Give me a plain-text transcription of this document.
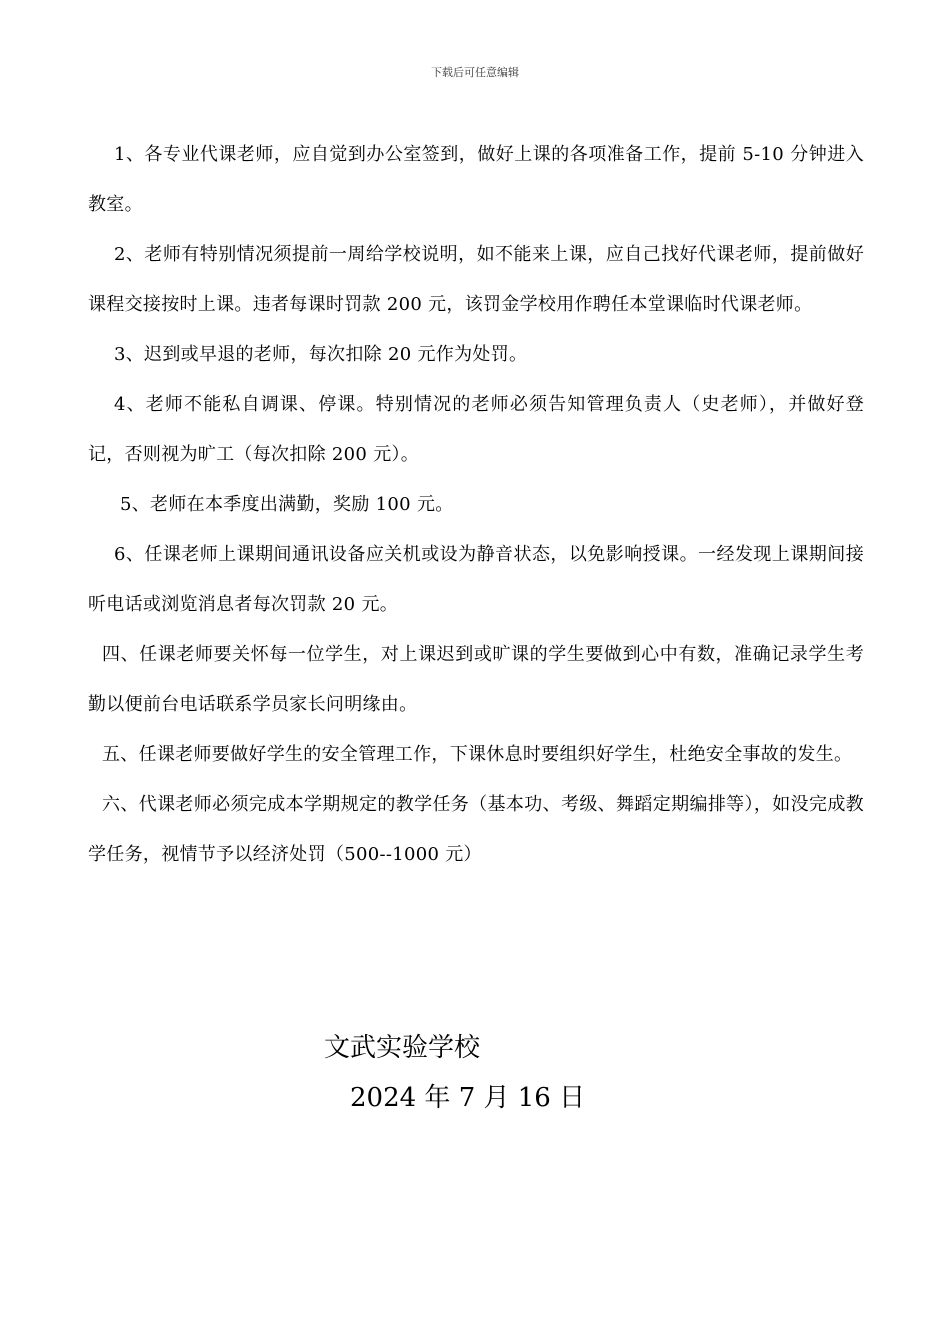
下载后可任意编辑

1、各专业代课老师，应自觉到办公室签到，做好上课的各项准备工作，提前 5-10 分钟进入教室。

2、老师有特别情况须提前一周给学校说明，如不能来上课，应自己找好代课老师，提前做好课程交接按时上课。违者每课时罚款 200 元，该罚金学校用作聘任本堂课临时代课老师。

3、迟到或早退的老师，每次扣除 20 元作为处罚。

4、老师不能私自调课、停课。特别情况的老师必须告知管理负责人（史老师），并做好登记，否则视为旷工（每次扣除 200 元）。

5、老师在本季度出满勤，奖励 100 元。

6、任课老师上课期间通讯设备应关机或设为静音状态，以免影响授课。一经发现上课期间接听电话或浏览消息者每次罚款 20 元。

四、任课老师要关怀每一位学生，对上课迟到或旷课的学生要做到心中有数，准确记录学生考勤以便前台电话联系学员家长问明缘由。

五、任课老师要做好学生的安全管理工作，下课休息时要组织好学生，杜绝安全事故的发生。

六、代课老师必须完成本学期规定的教学任务（基本功、考级、舞蹈定期编排等），如没完成教学任务，视情节予以经济处罚（500--1000 元）

文武实验学校
2024 年 7 月 16 日
